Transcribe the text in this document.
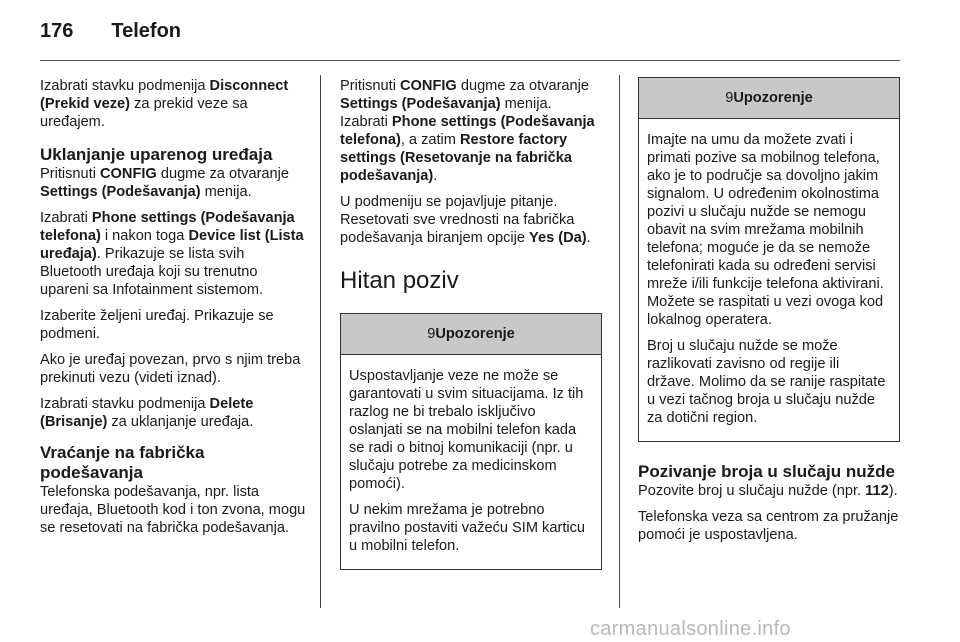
176 Telefon

Izabrati stavku podmenija Disconnect (Prekid veze) za prekid veze sa uređajem.

Uklanjanje uparenog uređaja

Pritisnuti CONFIG dugme za otvaranje Settings (Podešavanja) menija.

Izabrati Phone settings (Podešavanja telefona) i nakon toga Device list (Lista uređaja). Prikazuje se lista svih Bluetooth uređaja koji su trenutno upareni sa Infotainment sistemom.

Izaberite željeni uređaj. Prikazuje se podmeni.

Ako je uređaj povezan, prvo s njim treba prekinuti vezu (videti iznad).

Izabrati stavku podmenija Delete (Brisanje) za uklanjanje uređaja.

Vraćanje na fabrička podešavanja

Telefonska podešavanja, npr. lista uređaja, Bluetooth kod i ton zvona, mogu se resetovati na fabrička podešavanja.

Pritisnuti CONFIG dugme za otvaranje Settings (Podešavanja) menija. Izabrati Phone settings (Podešavanja telefona), a zatim Restore factory settings (Resetovanje na fabrička podešavanja).

U podmeniju se pojavljuje pitanje. Resetovati sve vrednosti na fabrička podešavanja biranjem opcije Yes (Da).

Hitan poziv
9Upozorenje

Uspostavljanje veze ne može se garantovati u svim situacijama. Iz tih razlog ne bi trebalo isključivo oslanjati se na mobilni telefon kada se radi o bitnoj komunikaciji (npr. u slučaju potrebe za medicinskom pomoći).

U nekim mrežama je potrebno pravilno postaviti važeću SIM karticu u mobilni telefon.

9Upozorenje

Imajte na umu da možete zvati i primati pozive sa mobilnog telefona, ako je to područje sa dovoljno jakim signalom. U određenim okolnostima pozivi u slučaju nužde se nemogu obavit na svim mrežama mobilnih telefona; moguće je da se nemože telefonirati kada su određeni servisi mreže i/ili funkcije telefona aktivirani. Možete se raspitati u vezi ovoga kod lokalnog operatera.

Broj u slučaju nužde se može razlikovati zavisno od regije ili države. Molimo da se ranije raspitate u vezi tačnog broja u slučaju nužde za dotični region.

Pozivanje broja u slučaju nužde

Pozovite broj u slučaju nužde (npr. 112).

Telefonska veza sa centrom za pružanje pomoći je uspostavljena.

carmanualsonline.info
